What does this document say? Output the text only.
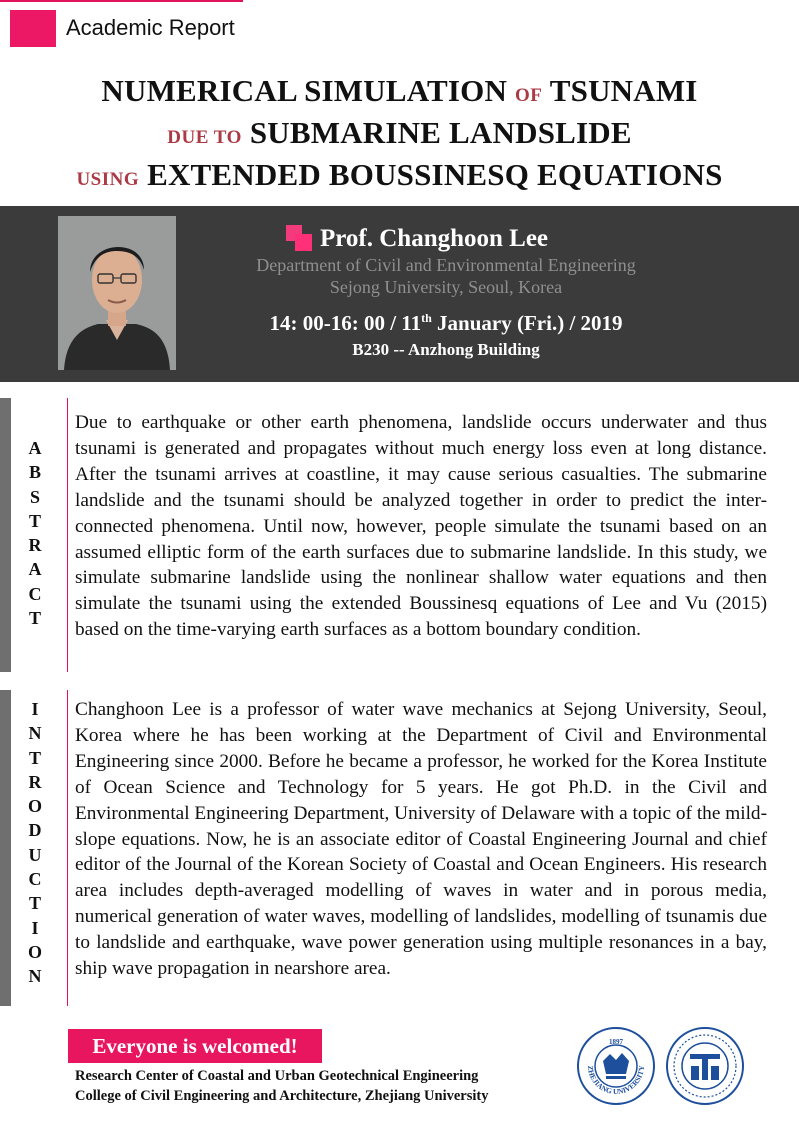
Academic Report
NUMERICAL SIMULATION OF TSUNAMI
DUE TO SUBMARINE LANDSLIDE
USING EXTENDED BOUSSINESQ EQUATIONS
Prof. Changhoon Lee
Department of Civil and Environmental Engineering
Sejong University, Seoul, Korea
14: 00-16: 00 / 11th January (Fri.) / 2019
B230 -- Anzhong Building
A
B
S
T
R
A
C
T
Due to earthquake or other earth phenomena, landslide occurs underwater and thus tsunami is generated and propagates without much energy loss even at long distance. After the tsunami arrives at coastline, it may cause serious casualties. The submarine landslide and the tsunami should be analyzed together in order to predict the inter-connected phenomena. Until now, however, people simulate the tsunami based on an assumed elliptic form of the earth surfaces due to submarine landslide. In this study, we simulate submarine landslide using the nonlinear shallow water equations and then simulate the tsunami using the extended Boussinesq equations of Lee and Vu (2015) based on the time-varying earth surfaces as a bottom boundary condition.
I
N
T
R
O
D
U
C
T
I
O
N
Changhoon Lee is a professor of water wave mechanics at Sejong University, Seoul, Korea where he has been working at the Department of Civil and Environmental Engineering since 2000. Before he became a professor, he worked for the Korea Institute of Ocean Science and Technology for 5 years. He got Ph.D. in the Civil and Environmental Engineering Department, University of Delaware with a topic of the mild-slope equations. Now, he is an associate editor of Coastal Engineering Journal and chief editor of the Journal of the Korean Society of Coastal and Ocean Engineers. His research area includes depth-averaged modelling of waves in water and in porous media, numerical generation of water waves, modelling of landslides, modelling of tsunamis due to landslide and earthquake, wave power generation using multiple resonances in a bay, ship wave propagation in nearshore area.
Everyone is welcomed!
Research Center of Coastal and Urban Geotechnical Engineering
College of Civil Engineering and Architecture, Zhejiang University
ZHEJIANG UNIVERSITY
1897
